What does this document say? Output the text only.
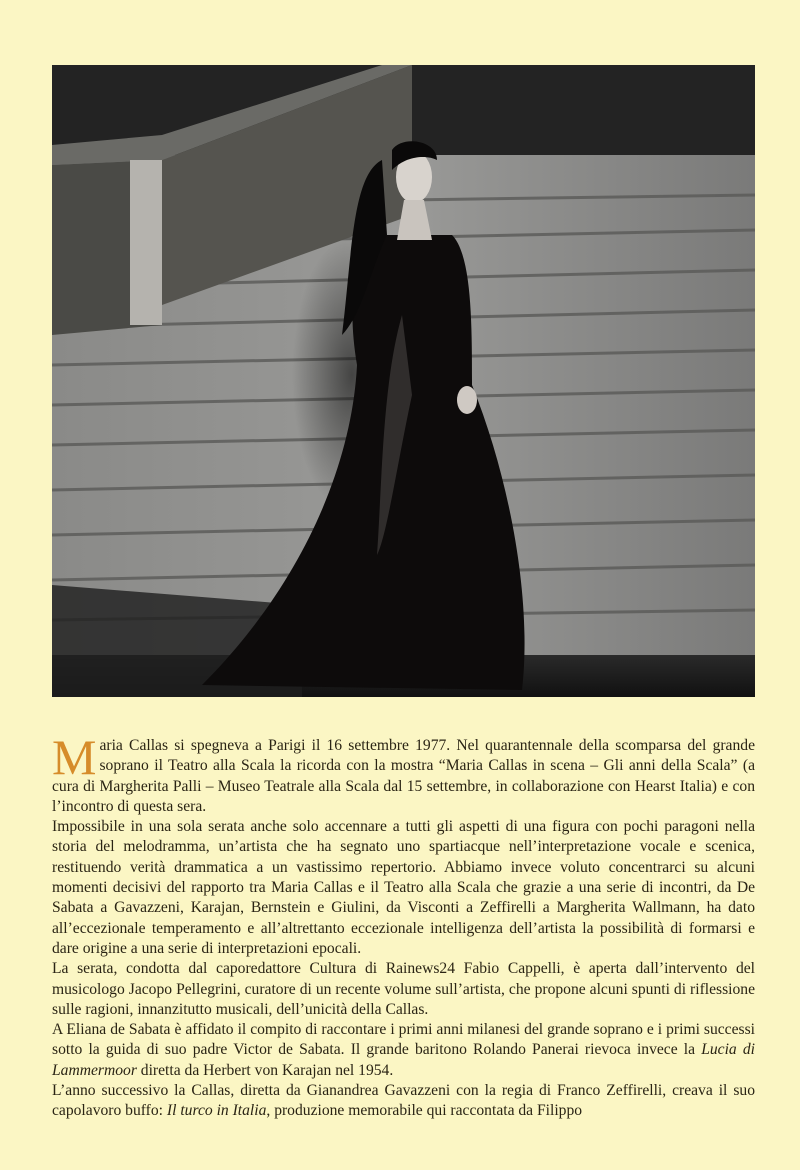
Maria Callas si spegneva a Parigi il 16 settembre 1977. Nel quarantennale della scomparsa del grande soprano il Teatro alla Scala la ricorda con la mostra “Maria Callas in scena – Gli anni della Scala” (a cura di Margherita Palli – Museo Teatrale alla Scala dal 15 settembre, in collaborazione con Hearst Italia) e con l’incontro di questa sera.

Impossibile in una sola serata anche solo accennare a tutti gli aspetti di una figura con pochi paragoni nella storia del melodramma, un’artista che ha segnato uno spartiacque nell’interpretazione vocale e scenica, restituendo verità drammatica a un vastissimo repertorio. Abbiamo invece voluto concentrarci su alcuni momenti decisivi del rapporto tra Maria Callas e il Teatro alla Scala che grazie a una serie di incontri, da De Sabata a Gavazzeni, Karajan, Bernstein e Giulini, da Visconti a Zeffirelli a Margherita Wallmann, ha dato all’eccezionale temperamento e all’altrettanto eccezionale intelligenza dell’artista la possibilità di formarsi e dare origine a una serie di interpretazioni epocali.

La serata, condotta dal caporedattore Cultura di Rainews24 Fabio Cappelli, è aperta dall’intervento del musicologo Jacopo Pellegrini, curatore di un recente volume sull’artista, che propone alcuni spunti di riflessione sulle ragioni, innanzitutto musicali, dell’unicità della Callas.

A Eliana de Sabata è affidato il compito di raccontare i primi anni milanesi del grande soprano e i primi successi sotto la guida di suo padre Victor de Sabata. Il grande baritono Rolando Panerai rievoca invece la Lucia di Lammermoor diretta da Herbert von Karajan nel 1954.

L’anno successivo la Callas, diretta da Gianandrea Gavazzeni con la regia di Franco Zeffirelli, creava il suo capolavoro buffo: Il turco in Italia, produzione memorabile qui raccontata da Filippo
